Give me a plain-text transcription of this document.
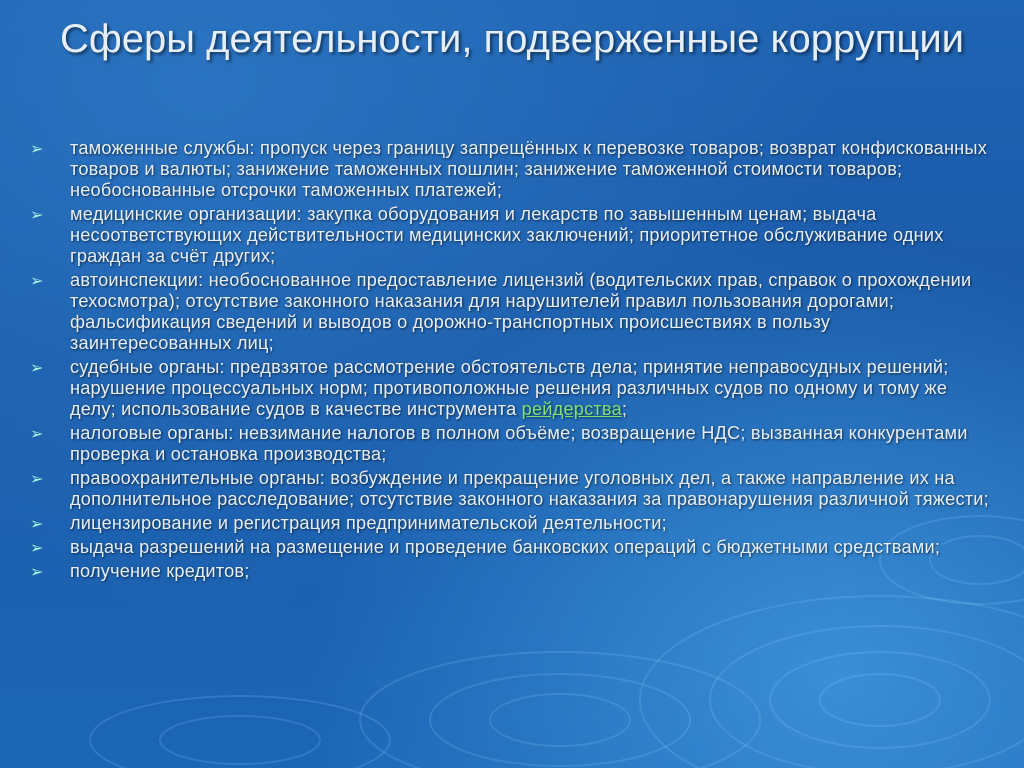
Сферы деятельности, подверженные коррупции
➢ таможенные службы: пропуск через границу запрещённых к перевозке товаров; возврат конфискованных товаров и валюты; занижение таможенных пошлин; занижение таможенной стоимости товаров; необоснованные отсрочки таможенных платежей;
➢ медицинские организации: закупка оборудования и лекарств по завышенным ценам; выдача несоответствующих действительности медицинских заключений; приоритетное обслуживание одних граждан за счёт других;
➢ автоинспекции: необоснованное предоставление лицензий (водительских прав, справок о прохождении техосмотра); отсутствие законного наказания для нарушителей правил пользования дорогами; фальсификация сведений и выводов о дорожно-транспортных происшествиях в пользу заинтересованных лиц;
➢ судебные органы: предвзятое рассмотрение обстоятельств дела; принятие неправосудных решений; нарушение процессуальных норм; противоположные решения различных судов по одному и тому же делу; использование судов в качестве инструмента рейдерства;
➢ налоговые органы: невзимание налогов в полном объёме; возвращение НДС; вызванная конкурентами проверка и остановка производства;
➢ правоохранительные органы: возбуждение и прекращение уголовных дел, а также направление их на дополнительное расследование; отсутствие законного наказания за правонарушения различной тяжести;
➢ лицензирование и регистрация предпринимательской деятельности;
➢ выдача разрешений на размещение и проведение банковских операций с бюджетными средствами;
➢ получение кредитов;
